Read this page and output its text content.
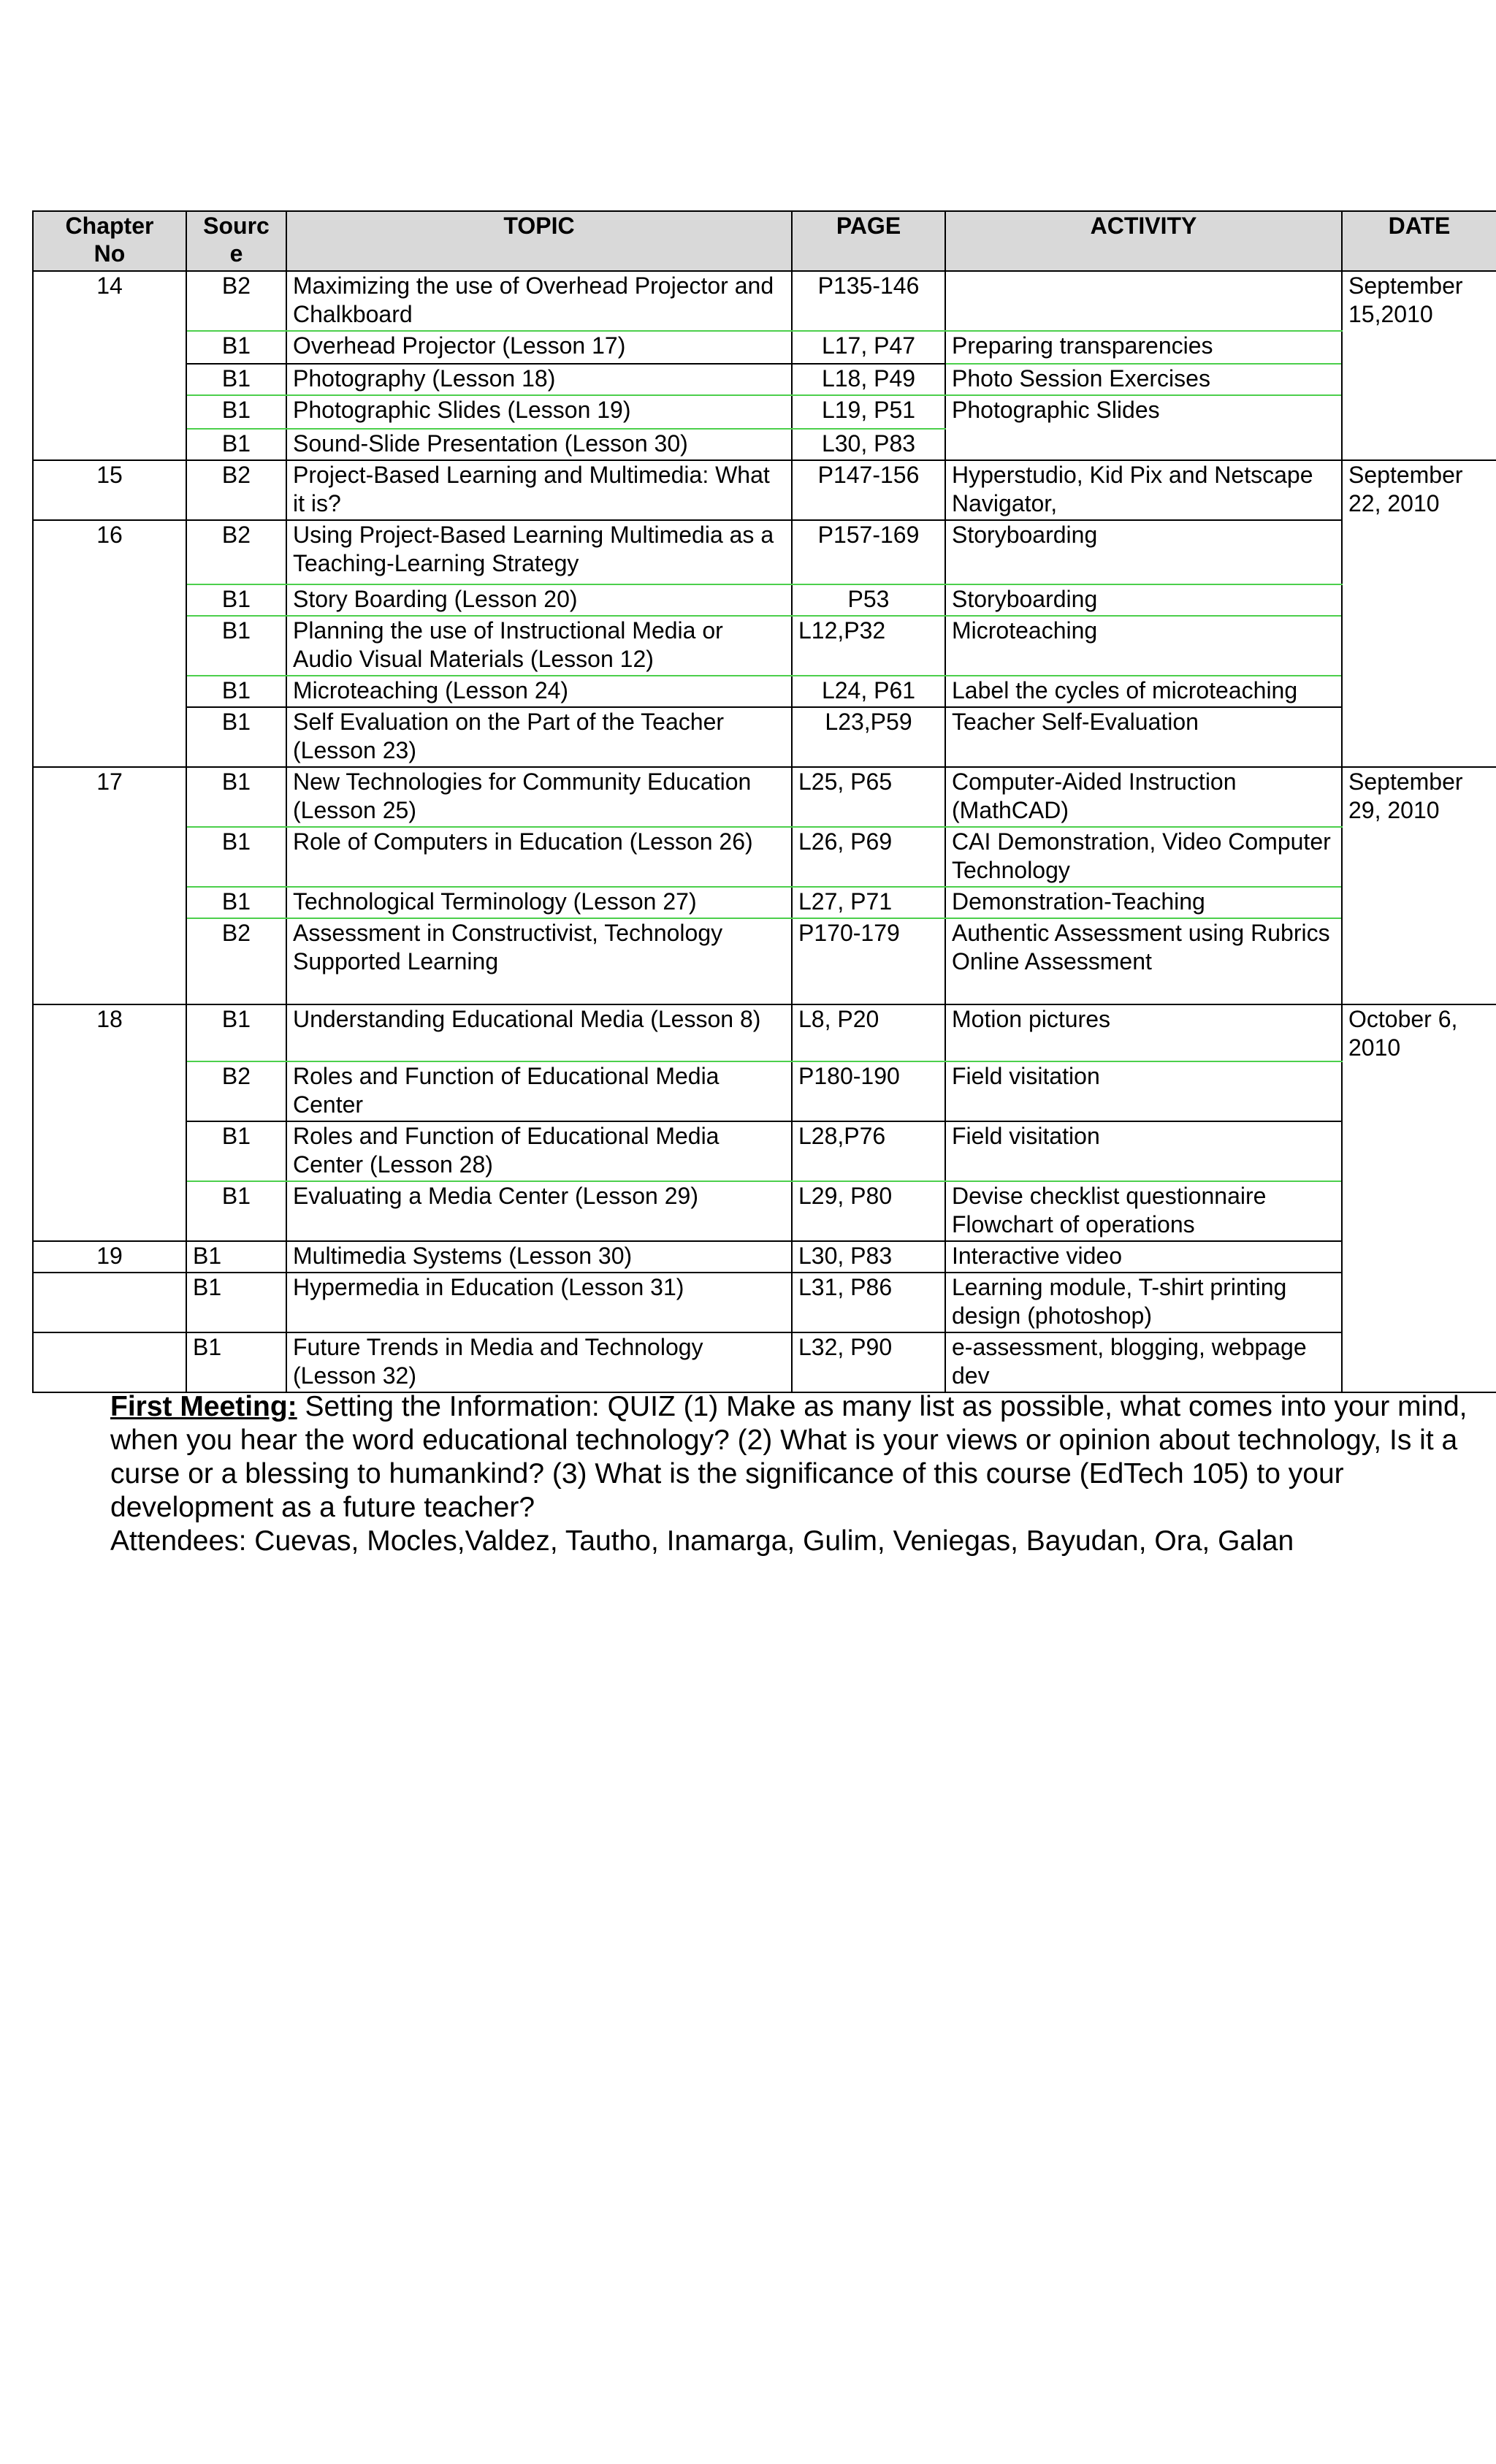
Chapter No	Source	TOPIC	PAGE	ACTIVITY	DATE
14	B2	Maximizing the use of Overhead Projector and Chalkboard	P135-146		September 15,2010
	B1	Overhead Projector (Lesson 17)	L17, P47	Preparing transparencies	
	B1	Photography (Lesson 18)	L18, P49	Photo Session Exercises	
	B1	Photographic Slides (Lesson 19)	L19, P51	Photographic Slides	
	B1	Sound-Slide Presentation (Lesson 30)	L30, P83		
15	B2	Project-Based Learning and Multimedia: What it is?	P147-156	Hyperstudio, Kid Pix and Netscape Navigator,	September 22, 2010
16	B2	Using Project-Based Learning Multimedia as a Teaching-Learning Strategy	P157-169	Storyboarding	
	B1	Story Boarding (Lesson 20)	P53	Storyboarding	
	B1	Planning the use of Instructional Media or Audio Visual Materials (Lesson 12)	L12,P32	Microteaching	
	B1	Microteaching (Lesson 24)	L24, P61	Label the cycles of microteaching	
	B1	Self Evaluation on the Part of the Teacher (Lesson 23)	L23,P59	Teacher Self-Evaluation	
17	B1	New Technologies for Community Education (Lesson 25)	L25, P65	Computer-Aided Instruction (MathCAD)	September 29, 2010
	B1	Role of Computers in Education (Lesson 26)	L26, P69	CAI Demonstration, Video Computer Technology	
	B1	Technological Terminology (Lesson 27)	L27, P71	Demonstration-Teaching	
	B2	Assessment in Constructivist, Technology Supported Learning	P170-179	Authentic Assessment using Rubrics
Online Assessment	
18	B1	Understanding Educational Media (Lesson 8)	L8, P20	Motion pictures	October 6, 2010
	B2	Roles and Function of Educational Media Center	P180-190	Field visitation	
	B1	Roles and Function of Educational Media Center (Lesson 28)	L28,P76	Field visitation	
	B1	Evaluating a Media Center (Lesson 29)	L29, P80	Devise checklist questionnaire
Flowchart of operations	
19	B1	Multimedia Systems (Lesson 30)	L30, P83	Interactive video	
	B1	Hypermedia in Education (Lesson 31)	L31, P86	Learning module, T-shirt printing design (photoshop)	
	B1	Future Trends in Media and Technology (Lesson 32)	L32, P90	e-assessment, blogging, webpage dev	

First Meeting: Setting the Information: QUIZ (1) Make as many list as possible, what comes into your mind, when you hear the word educational technology? (2) What is your views or opinion about technology, Is it a curse or a blessing to humankind? (3) What is the significance of this course (EdTech 105) to your development as a future teacher?

Attendees: Cuevas, Mocles,Valdez, Tautho, Inamarga, Gulim, Veniegas, Bayudan, Ora, Galan
